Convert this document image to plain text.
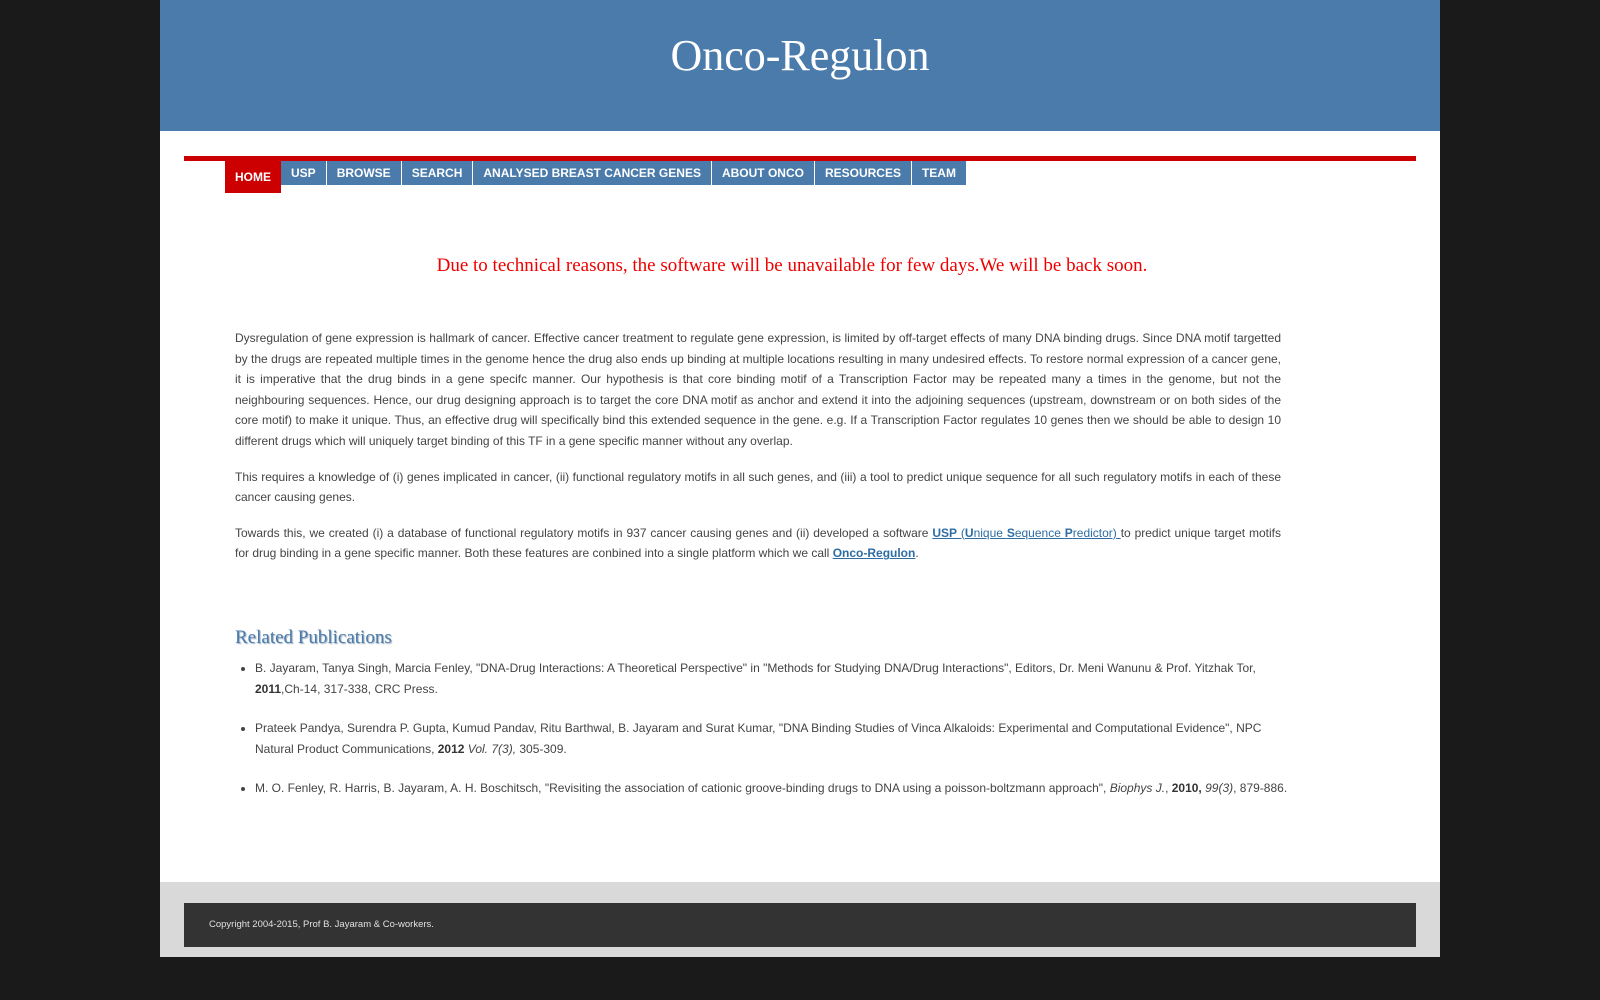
Onco-Regulon
HOME	USP	BROWSE	SEARCH	ANALYSED BREAST CANCER GENES	ABOUT ONCO	RESOURCES	TEAM
Due to technical reasons, the software will be unavailable for few days.We will be back soon.

Dysregulation of gene expression is hallmark of cancer. Effective cancer treatment to regulate gene expression, is limited by off-target effects of many DNA binding drugs. Since DNA motif targetted by the drugs are repeated multiple times in the genome hence the drug also ends up binding at multiple locations resulting in many undesired effects. To restore normal expression of a cancer gene, it is imperative that the drug binds in a gene specifc manner. Our hypothesis is that core binding motif of a Transcription Factor may be repeated many a times in the genome, but not the neighbouring sequences. Hence, our drug designing approach is to target the core DNA motif as anchor and extend it into the adjoining sequences (upstream, downstream or on both sides of the core motif) to make it unique. Thus, an effective drug will specifically bind this extended sequence in the gene. e.g. If a Transcription Factor regulates 10 genes then we should be able to design 10 different drugs which will uniquely target binding of this TF in a gene specific manner without any overlap.

This requires a knowledge of (i) genes implicated in cancer, (ii) functional regulatory motifs in all such genes, and (iii) a tool to predict unique sequence for all such regulatory motifs in each of these cancer causing genes.

Towards this, we created (i) a database of functional regulatory motifs in 937 cancer causing genes and (ii) developed a software USP (Unique Sequence Predictor) to predict unique target motifs for drug binding in a gene specific manner. Both these features are conbined into a single platform which we call Onco-Regulon.

Related Publications
• B. Jayaram, Tanya Singh, Marcia Fenley, "DNA-Drug Interactions: A Theoretical Perspective" in "Methods for Studying DNA/Drug Interactions", Editors, Dr. Meni Wanunu & Prof. Yitzhak Tor, 2011,Ch-14, 317-338, CRC Press.
• Prateek Pandya, Surendra P. Gupta, Kumud Pandav, Ritu Barthwal, B. Jayaram and Surat Kumar, "DNA Binding Studies of Vinca Alkaloids: Experimental and Computational Evidence", NPC Natural Product Communications, 2012 Vol. 7(3), 305-309.
• M. O. Fenley, R. Harris, B. Jayaram, A. H. Boschitsch, "Revisiting the association of cationic groove-binding drugs to DNA using a poisson-boltzmann approach", Biophys J., 2010, 99(3), 879-886.
Copyright 2004-2015, Prof B. Jayaram & Co-workers.
